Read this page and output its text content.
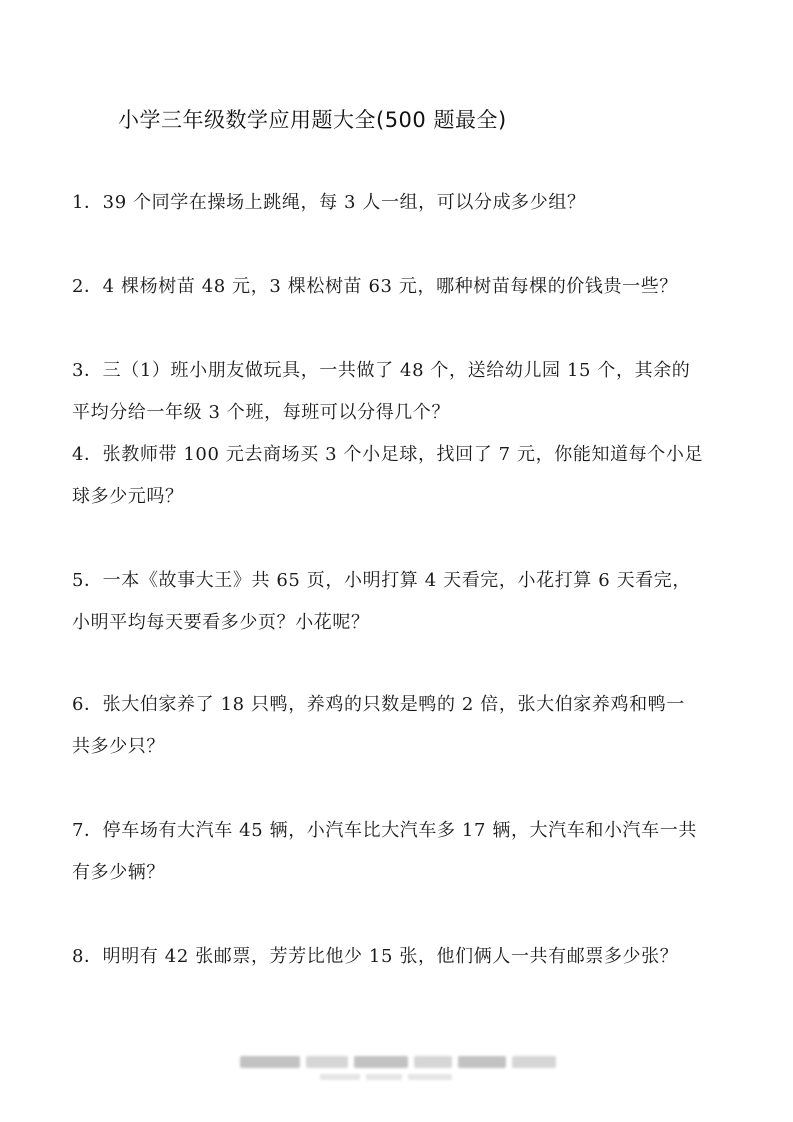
小学三年级数学应用题大全(500 题最全)
1．39 个同学在操场上跳绳，每 3 人一组，可以分成多少组？
2．4 棵杨树苗 48 元，3 棵松树苗 63 元，哪种树苗每棵的价钱贵一些？
3．三（1）班小朋友做玩具，一共做了 48 个，送给幼儿园 15 个，其余的
平均分给一年级 3 个班，每班可以分得几个？
4．张教师带 100 元去商场买 3 个小足球，找回了 7 元，你能知道每个小足
球多少元吗？
5．一本《故事大王》共 65 页，小明打算 4 天看完，小花打算 6 天看完，
小明平均每天要看多少页？小花呢？
6．张大伯家养了 18 只鸭，养鸡的只数是鸭的 2 倍，张大伯家养鸡和鸭一
共多少只？
7．停车场有大汽车 45 辆，小汽车比大汽车多 17 辆，大汽车和小汽车一共
有多少辆？
8．明明有 42 张邮票，芳芳比他少 15 张，他们俩人一共有邮票多少张？
